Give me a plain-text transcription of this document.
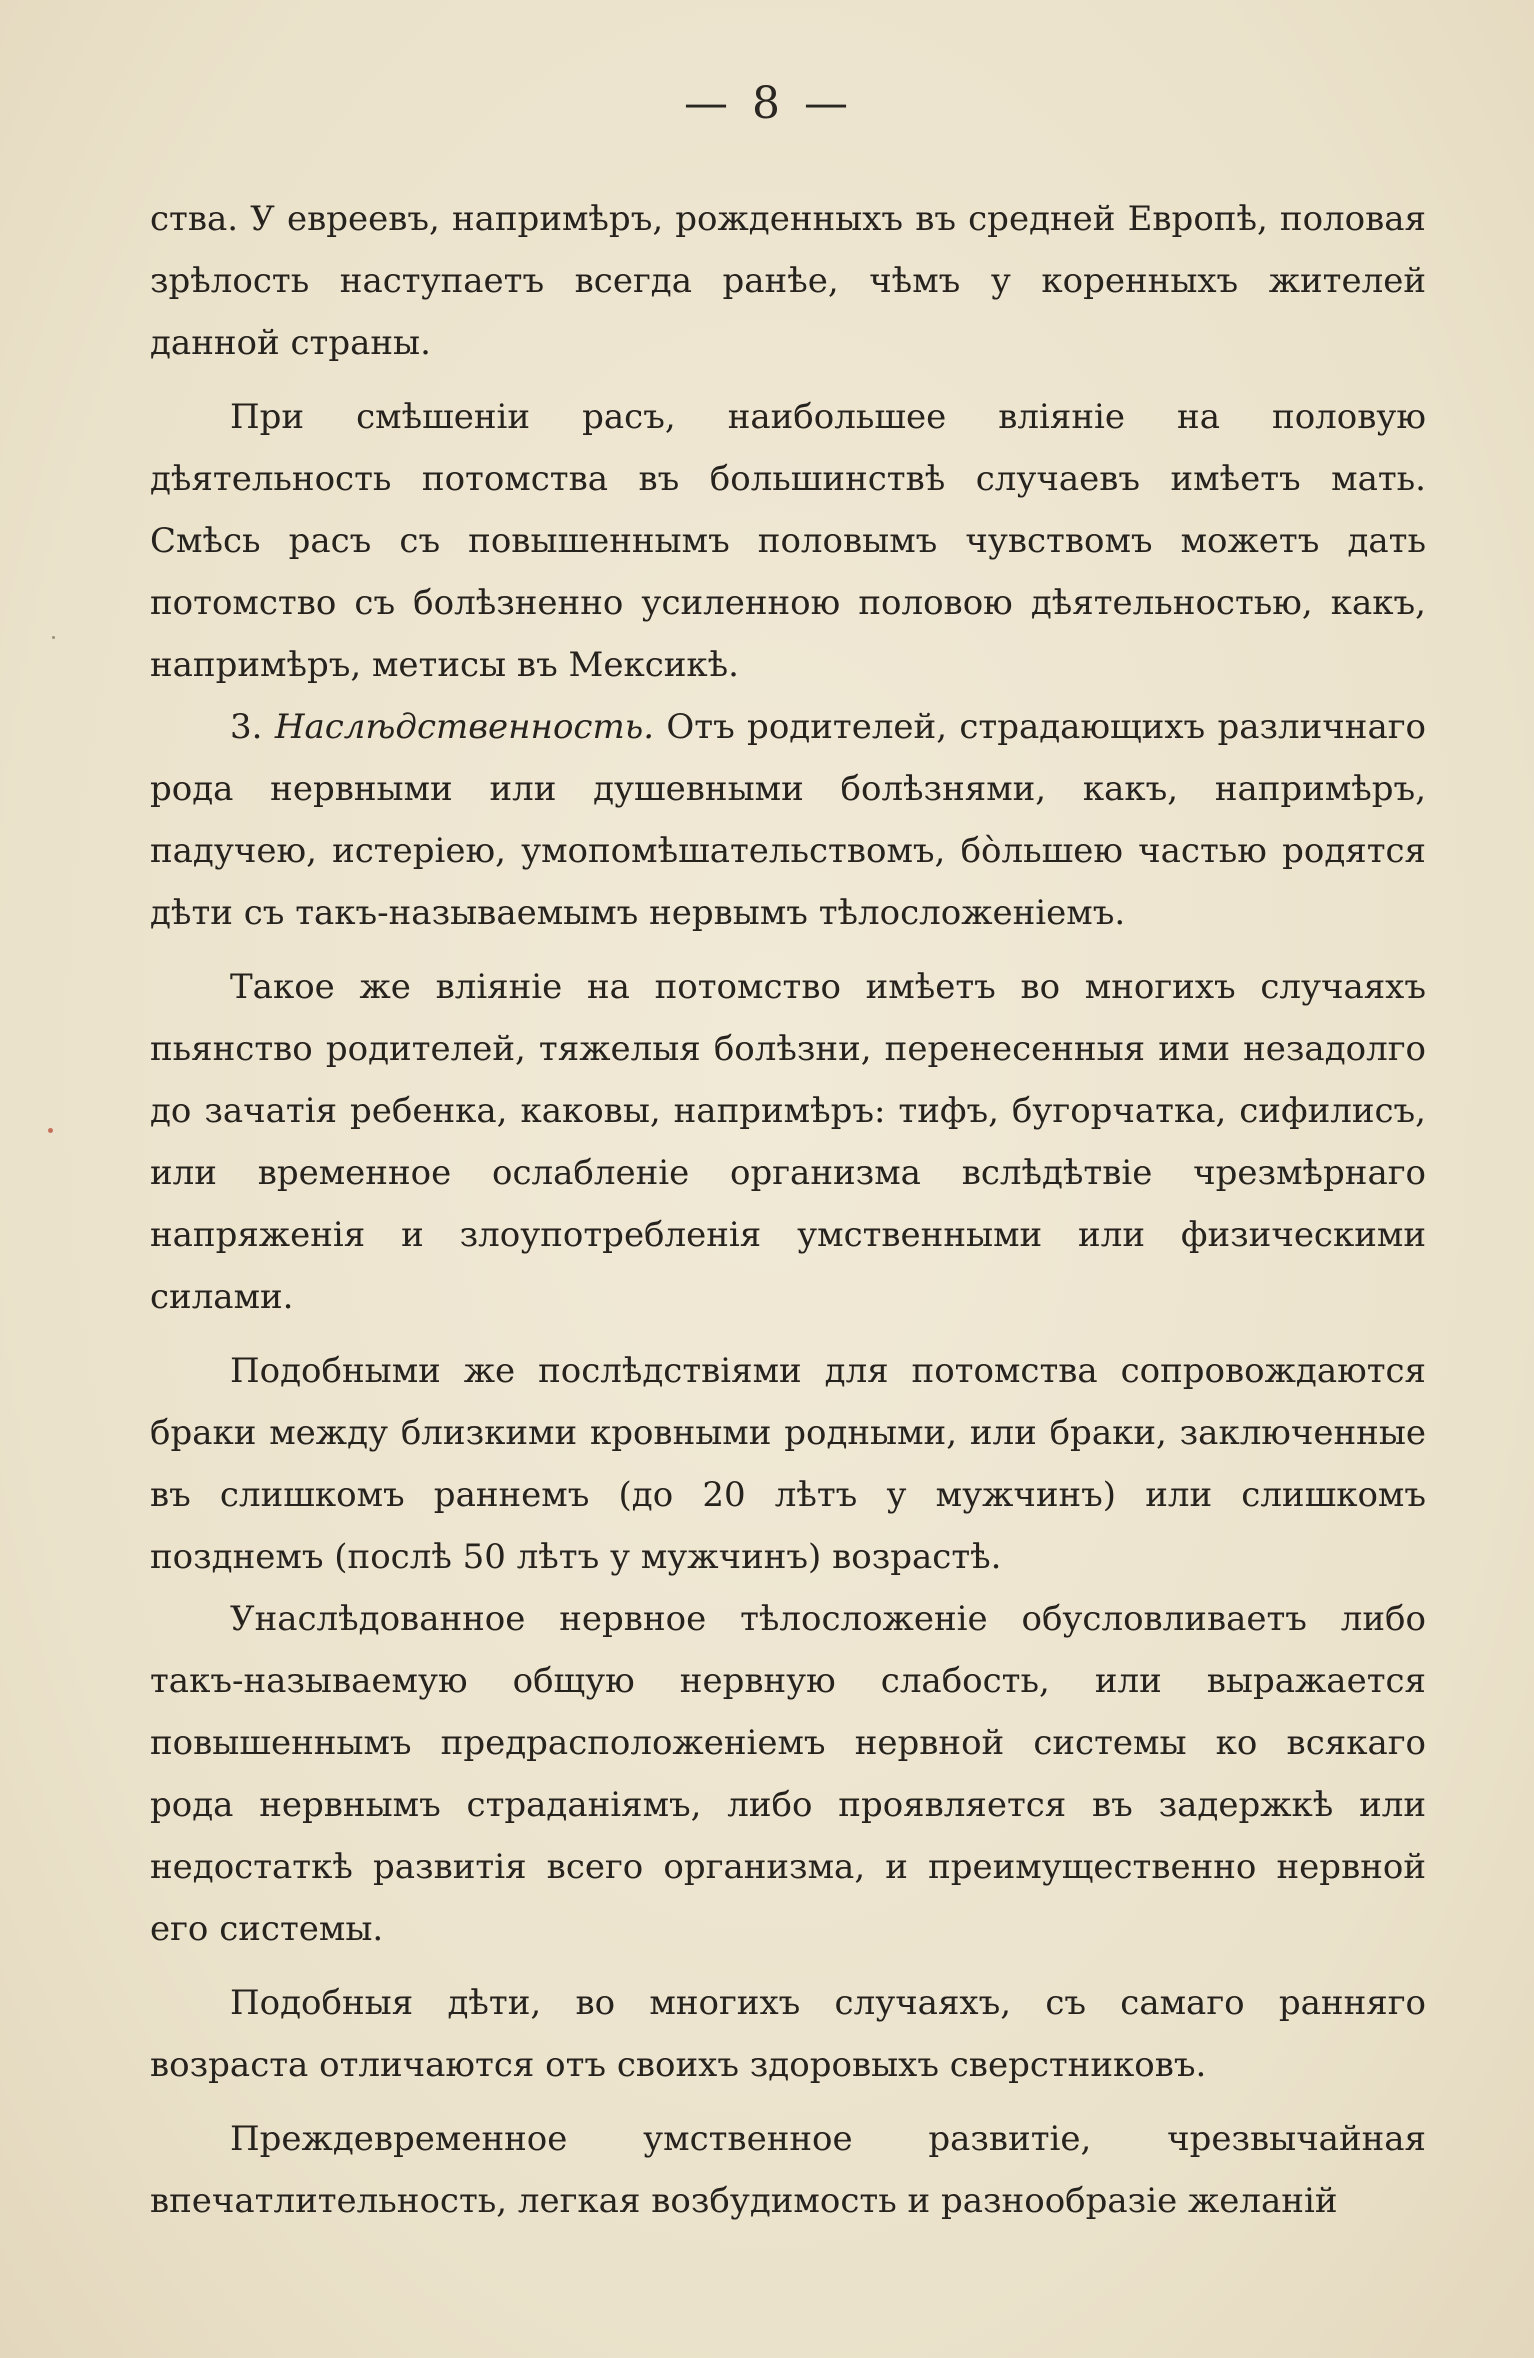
— 8 —

ства. У евреевъ, напримѣръ, рожденныхъ въ средней Европѣ, половая зрѣлость наступаетъ всегда ранѣе, чѣмъ у коренныхъ жителей данной страны.

При смѣшеніи расъ, наибольшее вліяніе на половую дѣятельность потомства въ большинствѣ случаевъ имѣетъ мать. Смѣсь расъ съ повышеннымъ половымъ чувствомъ можетъ дать потомство съ болѣзненно усиленною половою дѣятельностью, какъ, напримѣръ, метисы въ Мексикѣ.

3. Наслѣдственность. Отъ родителей, страдающихъ различнаго рода нервными или душевными болѣзнями, какъ, напримѣръ, падучею, истеріею, умопомѣшательствомъ, бо̀льшею частью родятся дѣти съ такъ-называемымъ нервымъ тѣлосложеніемъ.

Такое же вліяніе на потомство имѣетъ во многихъ случаяхъ пьянство родителей, тяжелыя болѣзни, перенесенныя ими незадолго до зачатія ребенка, каковы, напримѣръ: тифъ, бугорчатка, сифилисъ, или временное ослабленіе организма вслѣдѣтвіе чрезмѣрнаго напряженія и злоупотребленія умственными или физическими силами.

Подобными же послѣдствіями для потомства сопровождаются браки между близкими кровными родными, или браки, заключенные въ слишкомъ раннемъ (до 20 лѣтъ у мужчинъ) или слишкомъ позднемъ (послѣ 50 лѣтъ у мужчинъ) возрастѣ.

Унаслѣдованное нервное тѣлосложеніе обусловливаетъ либо такъ-называемую общую нервную слабость, или выражается повышеннымъ предрасположеніемъ нервной системы ко всякаго рода нервнымъ страданіямъ, либо проявляется въ задержкѣ или недостаткѣ развитія всего организма, и преимущественно нервной его системы.

Подобныя дѣти, во многихъ случаяхъ, съ самаго ранняго возраста отличаются отъ своихъ здоровыхъ сверстниковъ.

Преждевременное умственное развитіе, чрезвычайная впечатлительность, легкая возбудимость и разнообразіе желаній
